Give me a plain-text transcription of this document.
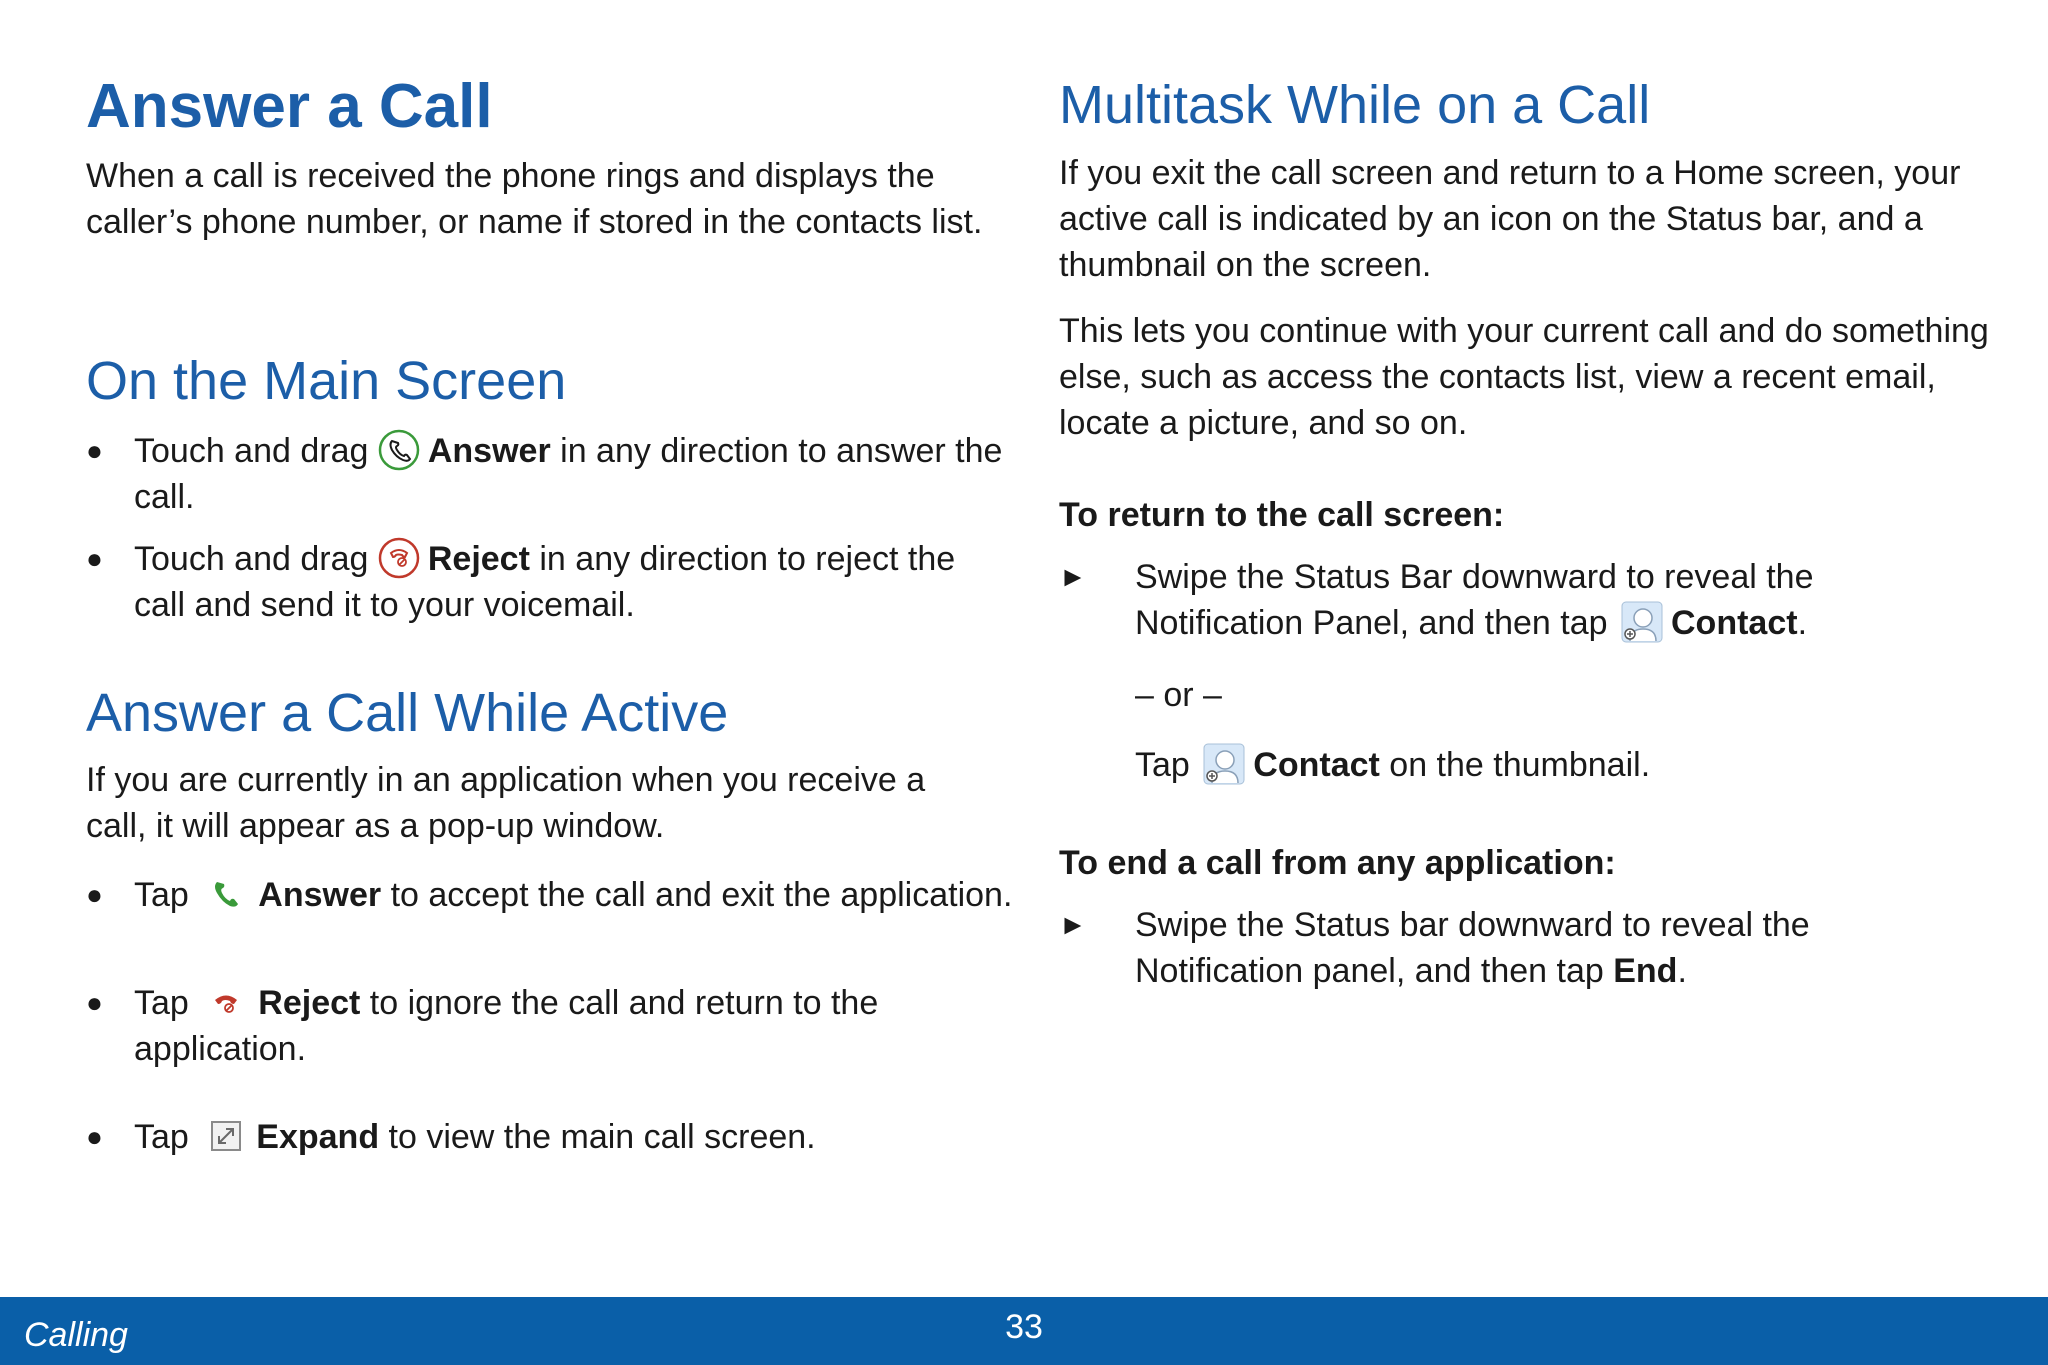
Answer a Call

When a call is received the phone rings and displays the caller’s phone number, or name if stored in the contacts list.

On the Main Screen
● Touch and drag Answer in any direction to answer the call.
● Touch and drag Reject in any direction to reject the call and send it to your voicemail.
Answer a Call While Active

If you are currently in an application when you receive a call, it will appear as a pop-up window.

● Tap Answer to accept the call and exit the application.
● Tap Reject to ignore the call and return to the application.
● Tap Expand to view the main call screen.
Multitask While on a Call

If you exit the call screen and return to a Home screen, your active call is indicated by an icon on the Status bar, and a thumbnail on the screen.

This lets you continue with your current call and do something else, such as access the contacts list, view a recent email, locate a picture, and so on.

To return to the call screen:

► Swipe the Status Bar downward to reveal the Notification Panel, and then tap Contact.

– or –

Tap Contact on the thumbnail.

To end a call from any application:

► Swipe the Status bar downward to reveal the Notification panel, and then tap End.
Calling	33
